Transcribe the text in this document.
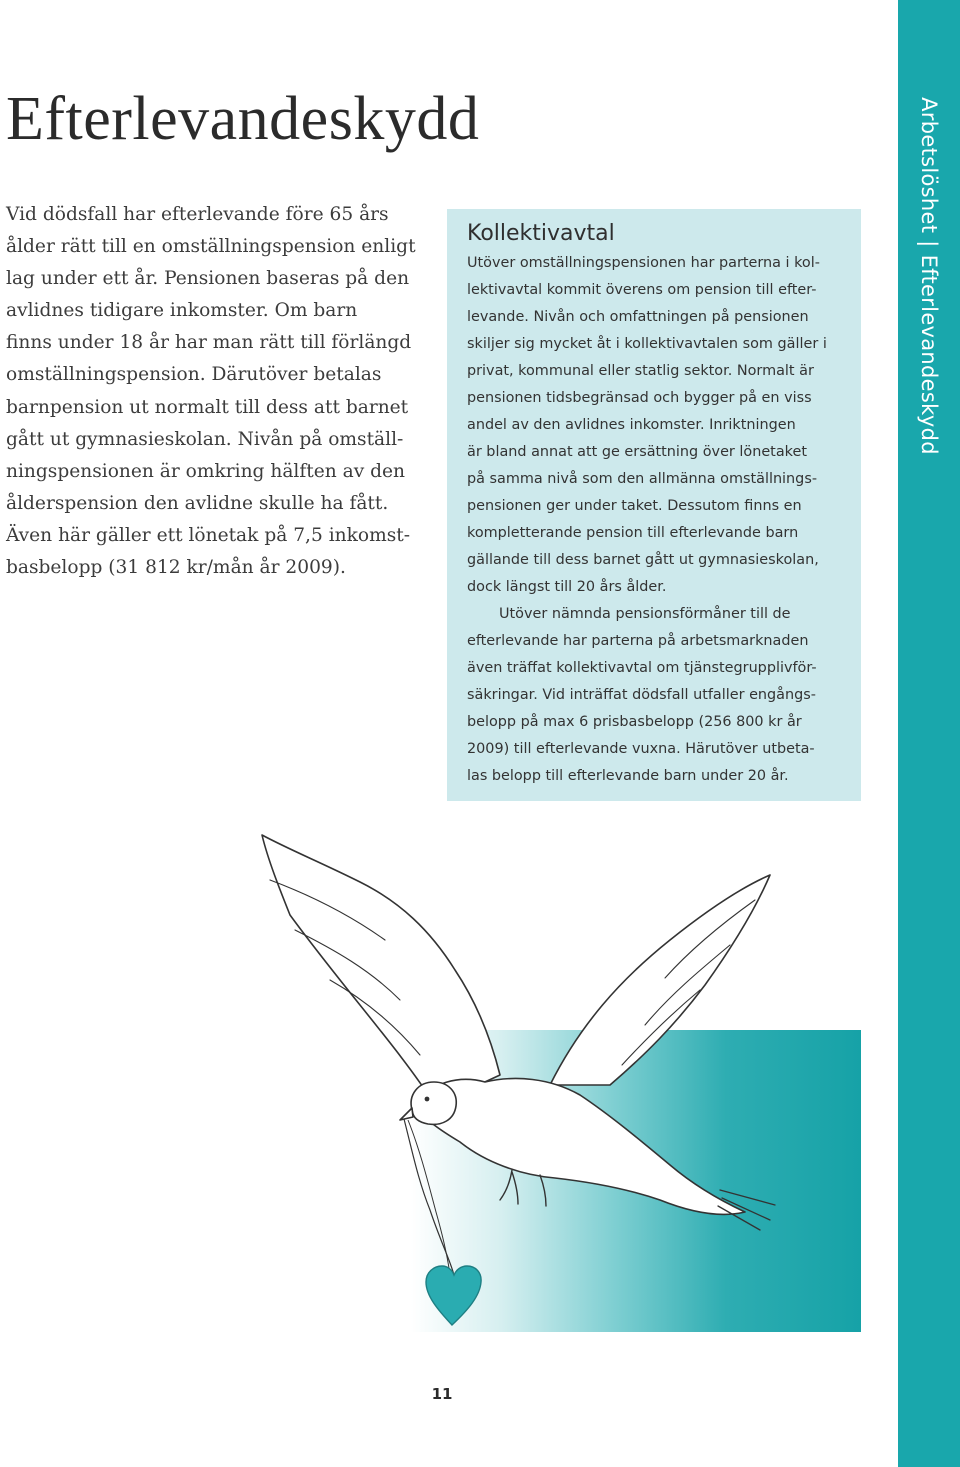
Efterlevandeskydd
Vid dödsfall har efterlevande före 65 års
ålder rätt till en omställningspension enligt
lag under ett år. Pensionen baseras på den
avlidnes tidigare inkomster. Om barn
finns under 18 år har man rätt till förlängd
omställningspension. Därutöver betalas
barnpension ut normalt till dess att barnet
gått ut gymnasieskolan. Nivån på omställ-
ningspensionen är omkring hälften av den
ålderspension den avlidne skulle ha fått.
Även här gäller ett lönetak på 7,5 inkomst-
basbelopp (31 812 kr/mån år 2009).
Kollektivavtal
Utöver omställningspensionen har parterna i kol-
lektivavtal kommit överens om pension till efter-
levande. Nivån och omfattningen på pensionen
skiljer sig mycket åt i kollektivavtalen som gäller i
privat, kommunal eller statlig sektor. Normalt är
pensionen tidsbegränsad och bygger på en viss
andel av den avlidnes inkomster. Inriktningen
är bland annat att ge ersättning över lönetaket
på samma nivå som den allmänna omställnings-
pensionen ger under taket. Dessutom finns en
kompletterande pension till efterlevande barn
gällande till dess barnet gått ut gymnasieskolan,
dock längst till 20 års ålder.
Utöver nämnda pensionsförmåner till de
efterlevande har parterna på arbetsmarknaden
även träffat kollektivavtal om tjänstegrupplivför-
säkringar. Vid inträffat dödsfall utfaller engångs-
belopp på max 6 prisbasbelopp (256 800 kr år
2009) till efterlevande vuxna. Härutöver utbeta-
las belopp till efterlevande barn under 20 år.
Arbetslöshet | Efterlevandeskydd
11
